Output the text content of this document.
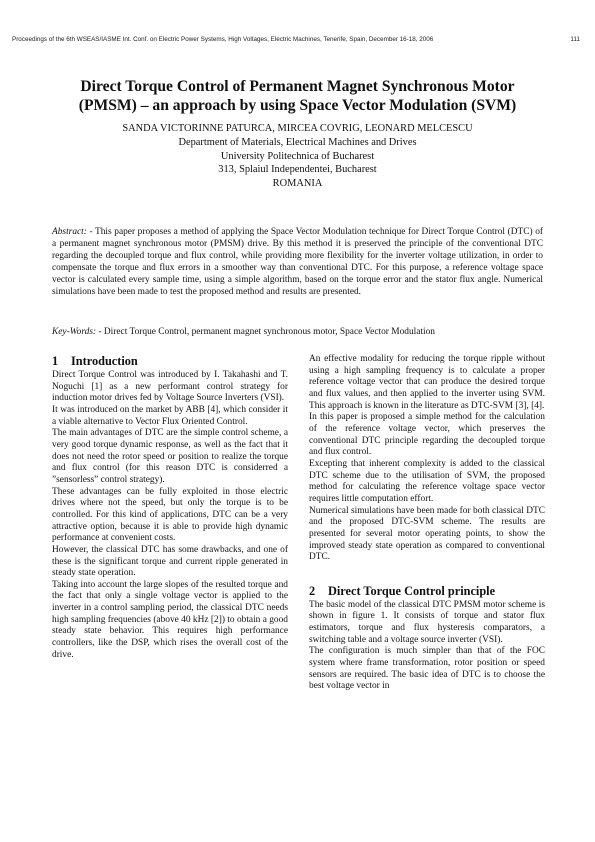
Proceedings of the 6th WSEAS/IASME Int. Conf. on Electric Power Systems, High Voltages, Electric Machines, Tenerife, Spain, December 16-18, 2006	111
Direct Torque Control of Permanent Magnet Synchronous Motor
(PMSM) – an approach by using Space Vector Modulation (SVM)
SANDA VICTORINNE PATURCA, MIRCEA COVRIG, LEONARD MELCESCU
Department of Materials, Electrical Machines and Drives
University Politechnica of Bucharest
313, Splaiul Independentei, Bucharest
ROMANIA
Abstract: - This paper proposes a method of applying the Space Vector Modulation technique for Direct Torque Control (DTC) of a permanent magnet synchronous motor (PMSM) drive. By this method it is preserved the principle of the conventional DTC regarding the decoupled torque and flux control, while providing more flexibility for the inverter voltage utilization, in order to compensate the torque and flux errors in a smoother way than conventional DTC. For this purpose, a reference voltage space vector is calculated every sample time, using a simple algorithm, based on the torque error and the stator flux angle. Numerical simulations have been made to test the proposed method and results are presented.
Key-Words: - Direct Torque Control, permanent magnet synchronous motor, Space Vector Modulation
1 Introduction

Direct Torque Control was introduced by I. Takahashi and T. Noguchi [1] as a new performant control strategy for induction motor drives fed by Voltage Source Inverters (VSI).

It was introduced on the market by ABB [4], which consider it a viable alternative to Vector Flux Oriented Control.

The main advantages of DTC are the simple control scheme, a very good torque dynamic response, as well as the fact that it does not need the rotor speed or position to realize the torque and flux control (for this reason DTC is considerred a ”sensorless” control strategy).

These advantages can be fully exploited in those electric drives where not the speed, but only the torque is to be controlled. For this kind of applications, DTC can be a very attractive option, because it is able to provide high dynamic performance at convenient costs.

However, the classical DTC has some drawbacks, and one of these is the significant torque and current ripple generated in steady state operation.

Taking into account the large slopes of the resulted torque and the fact that only a single voltage vector is applied to the inverter in a control sampling period, the classical DTC needs high sampling frequencies (above 40 kHz [2]) to obtain a good steady state behavior. This requires high performance controllers, like the DSP, which rises the overall cost of the drive.

An effective modality for reducing the torque ripple without using a high sampling frequency is to calculate a proper reference voltage vector that can produce the desired torque and flux values, and then applied to the inverter using SVM. This approach is known in the literature as DTC-SVM [3], [4].

In this paper is proposed a simple method for the calculation of the reference voltage vector, which preserves the conventional DTC principle regarding the decoupled torque and flux control.

Excepting that inherent complexity is added to the classical DTC scheme due to the utilisation of SVM, the proposed method for calculating the reference voltage space vector requires little computation effort.

Numerical simulations have been made for both classical DTC and the proposed DTC-SVM scheme. The results are presented for several motor operating points, to show the improved steady state operation as compared to conventional DTC.

2 Direct Torque Control principle

The basic model of the classical DTC PMSM motor scheme is shown in figure 1. It consists of torque and stator flux estimators, torque and flux hysteresis comparators, a switching table and a voltage source inverter (VSI).

The configuration is much simpler than that of the FOC system where frame transformation, rotor position or speed sensors are required. The basic idea of DTC is to choose the best voltage vector in
